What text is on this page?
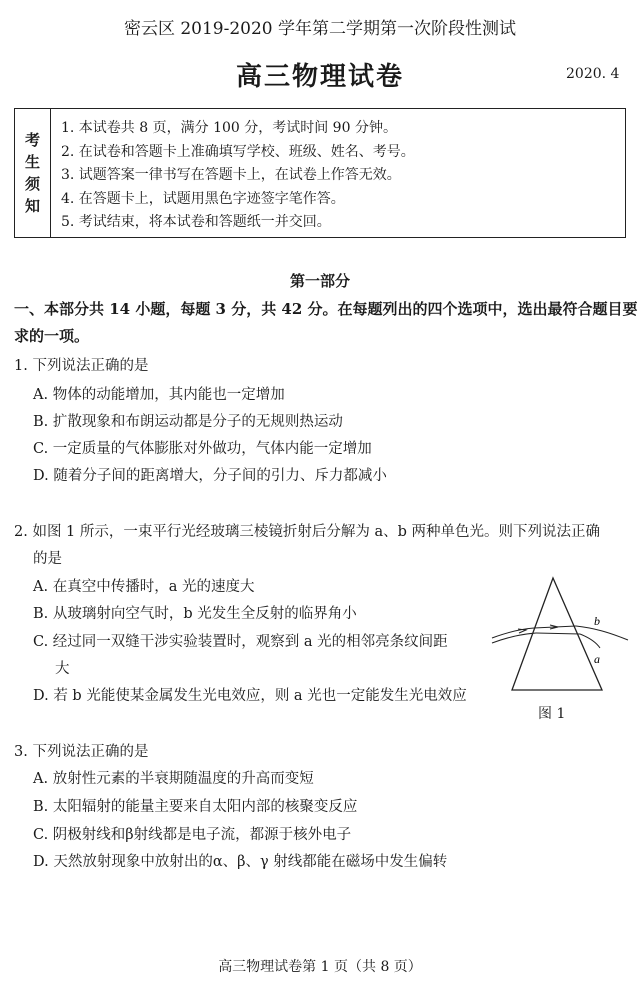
密云区 2019-2020 学年第二学期第一次阶段性测试
高三物理试卷	2020. 4
考
生
须
知
1. 本试卷共 8 页，满分 100 分，考试时间 90 分钟。
2. 在试卷和答题卡上准确填写学校、班级、姓名、考号。
3. 试题答案一律书写在答题卡上，在试卷上作答无效。
4. 在答题卡上，试题用黑色字迹签字笔作答。
5. 考试结束，将本试卷和答题纸一并交回。
第一部分
一、本部分共 14 小题，每题 3 分，共 42 分。在每题列出的四个选项中，选出最符合题目要
求的一项。
1. 下列说法正确的是
A. 物体的动能增加，其内能也一定增加
B. 扩散现象和布朗运动都是分子的无规则热运动
C. 一定质量的气体膨胀对外做功，气体内能一定增加
D. 随着分子间的距离增大，分子间的引力、斥力都减小
2. 如图 1 所示，一束平行光经玻璃三棱镜折射后分解为 a、b 两种单色光。则下列说法正确
的是
A. 在真空中传播时，a 光的速度大
B. 从玻璃射向空气时，b 光发生全反射的临界角小
C. 经过同一双缝干涉实验装置时，观察到 a 光的相邻亮条纹间距
大
D. 若 b 光能使某金属发生光电效应，则 a 光也一定能发生光电效应
b
a
图 1
3. 下列说法正确的是
A. 放射性元素的半衰期随温度的升高而变短
B. 太阳辐射的能量主要来自太阳内部的核聚变反应
C. 阴极射线和β射线都是电子流，都源于核外电子
D. 天然放射现象中放射出的α、β、γ 射线都能在磁场中发生偏转
高三物理试卷第 1 页（共 8 页）
